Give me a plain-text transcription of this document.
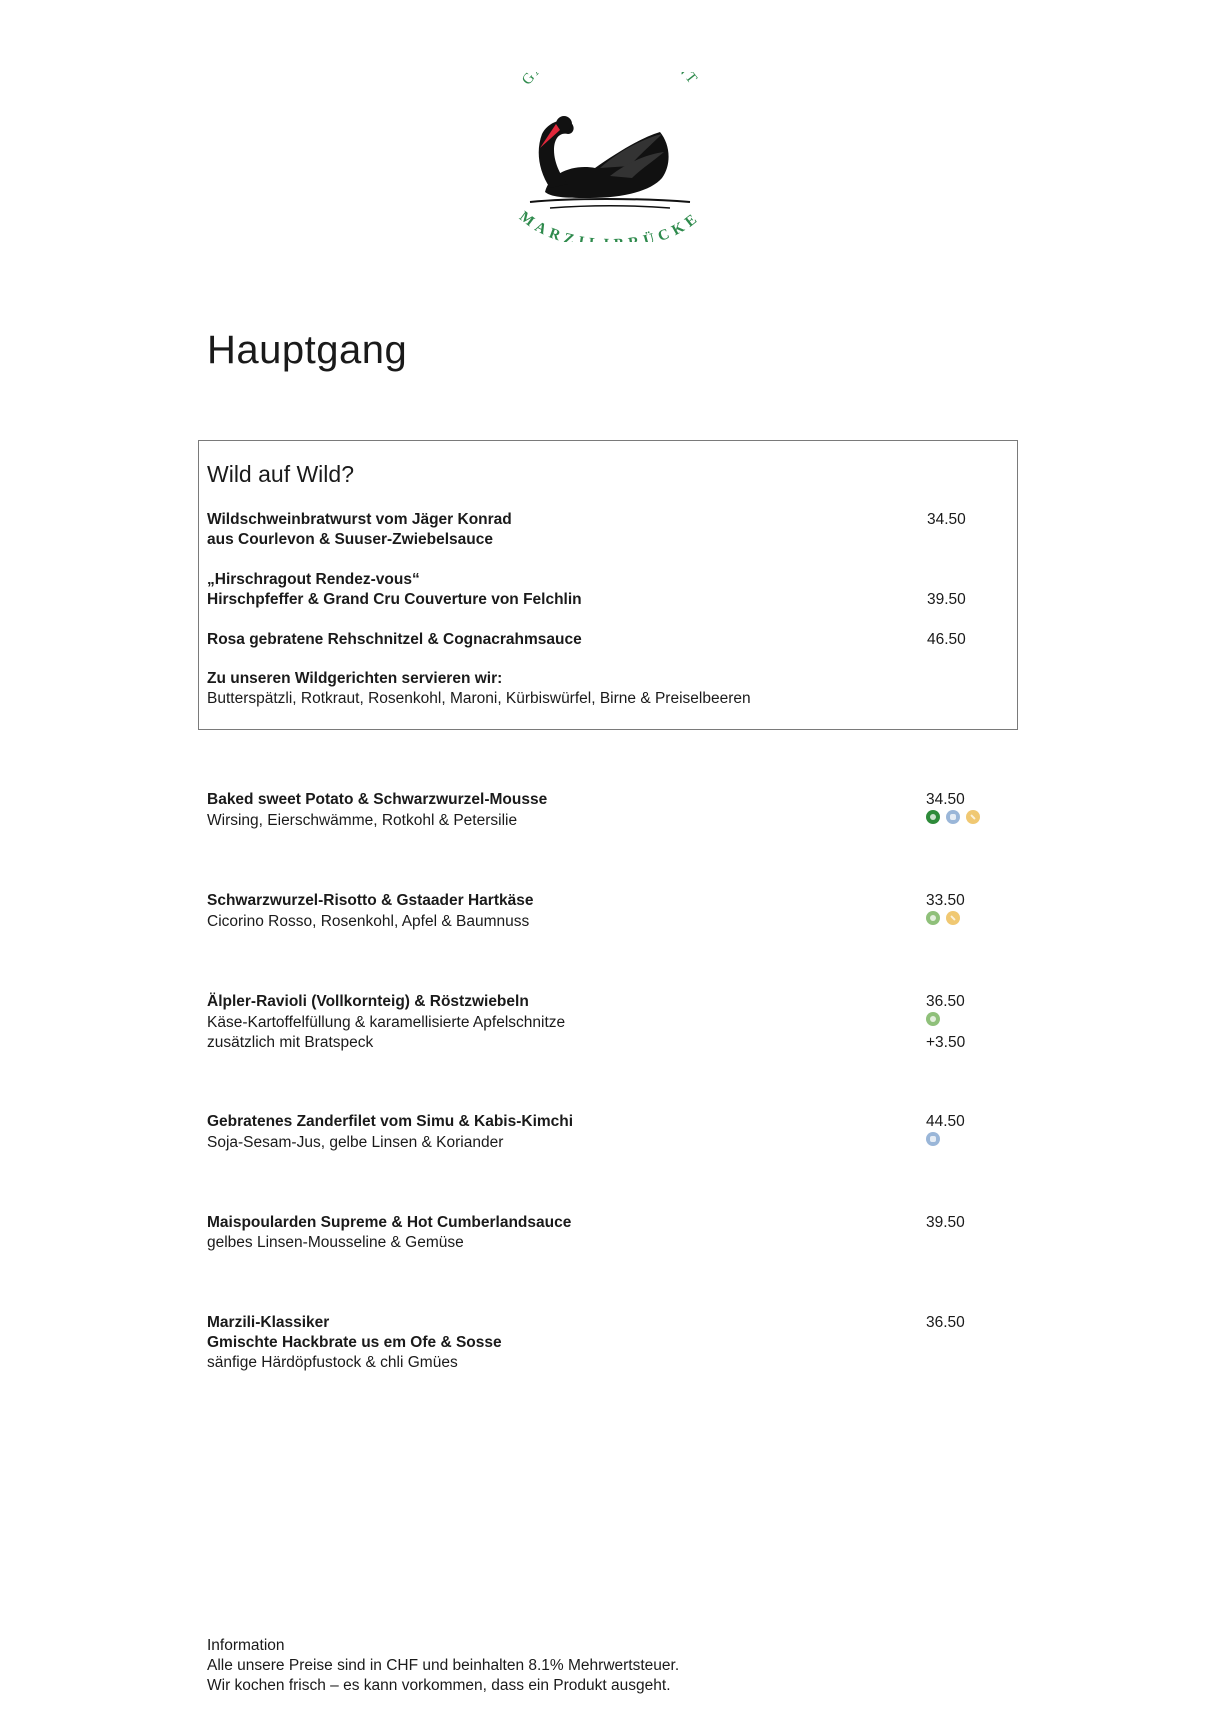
G T
MARZ ÜCKE
Hauptgang
Wild auf Wild?
Wildschweinbratwurst vom Jäger Konrad
aus Courlevon & Suuser-Zwiebelsauce
34.50
„Hirschragout Rendez-vous“
Hirschpfeffer & Grand Cru Couverture von Felchlin	39.50
Rosa gebratene Rehschnitzel & Cognacrahmsauce	46.50
Zu unseren Wildgerichten servieren wir:
Butterspätzli, Rotkraut, Rosenkohl, Maroni, Kürbiswürfel, Birne & Preiselbeeren
Baked sweet Potato & Schwarzwurzel-Mousse
Wirsing, Eierschwämme, Rotkohl & Petersilie
34.50
Schwarzwurzel-Risotto & Gstaader Hartkäse
Cicorino Rosso, Rosenkohl, Apfel & Baumnuss
33.50
Älpler-Ravioli (Vollkornteig) & Röstzwiebeln
Käse-Kartoffelfüllung & karamellisierte Apfelschnitze
zusätzlich mit Bratspeck
36.50
+3.50
Gebratenes Zanderfilet vom Simu & Kabis-Kimchi
Soja-Sesam-Jus, gelbe Linsen & Koriander
44.50
Maispoularden Supreme & Hot Cumberlandsauce
gelbes Linsen-Mousseline & Gemüse
39.50
Marzili-Klassiker
Gmischte Hackbrate us em Ofe & Sosse
sänfige Härdöpfustock & chli Gmües
36.50
Information
Alle unsere Preise sind in CHF und beinhalten 8.1% Mehrwertsteuer.
Wir kochen frisch – es kann vorkommen, dass ein Produkt ausgeht.
